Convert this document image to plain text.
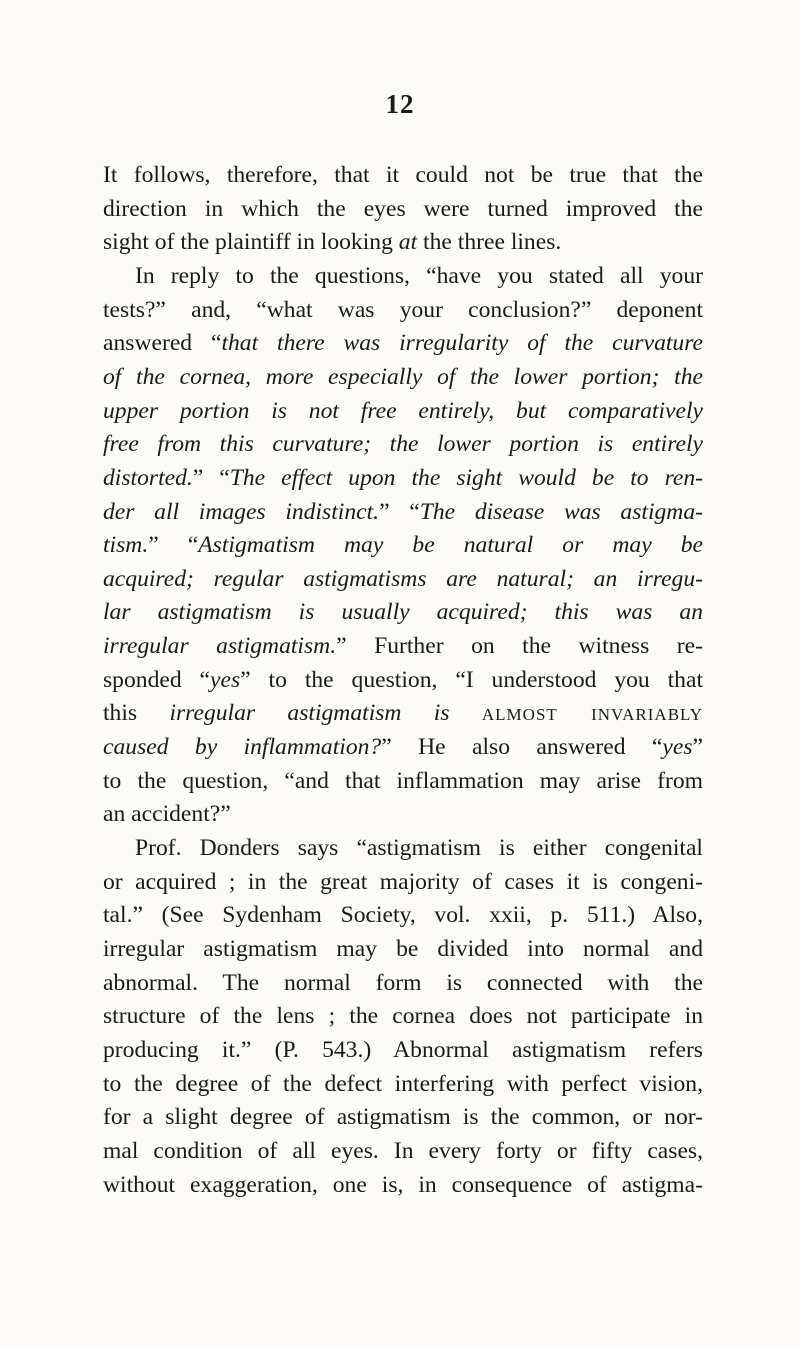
12
It follows, therefore, that it could not be true that the
direction in which the eyes were turned improved the
sight of the plaintiff in looking at the three lines.
In reply to the questions, “have you stated all your
tests?” and, “what was your conclusion?” deponent
answered “that there was irregularity of the curvature
of the cornea, more especially of the lower portion; the
upper portion is not free entirely, but comparatively
free from this curvature; the lower portion is entirely
distorted.” “The effect upon the sight would be to ren-
der all images indistinct.” “The disease was astigma-
tism.” “Astigmatism may be natural or may be
acquired; regular astigmatisms are natural; an irregu-
lar astigmatism is usually acquired; this was an
irregular astigmatism.” Further on the witness re-
sponded “yes” to the question, “I understood you that
this irregular astigmatism is almost invariably
caused by inflammation?” He also answered “yes”
to the question, “and that inflammation may arise from
an accident?”
Prof. Donders says “astigmatism is either congenital
or acquired ; in the great majority of cases it is congeni-
tal.” (See Sydenham Society, vol. xxii, p. 511.) Also,
irregular astigmatism may be divided into normal and
abnormal. The normal form is connected with the
structure of the lens ; the cornea does not participate in
producing it.” (P. 543.) Abnormal astigmatism refers
to the degree of the defect interfering with perfect vision,
for a slight degree of astigmatism is the common, or nor-
mal condition of all eyes. In every forty or fifty cases,
without exaggeration, one is, in consequence of astigma-
